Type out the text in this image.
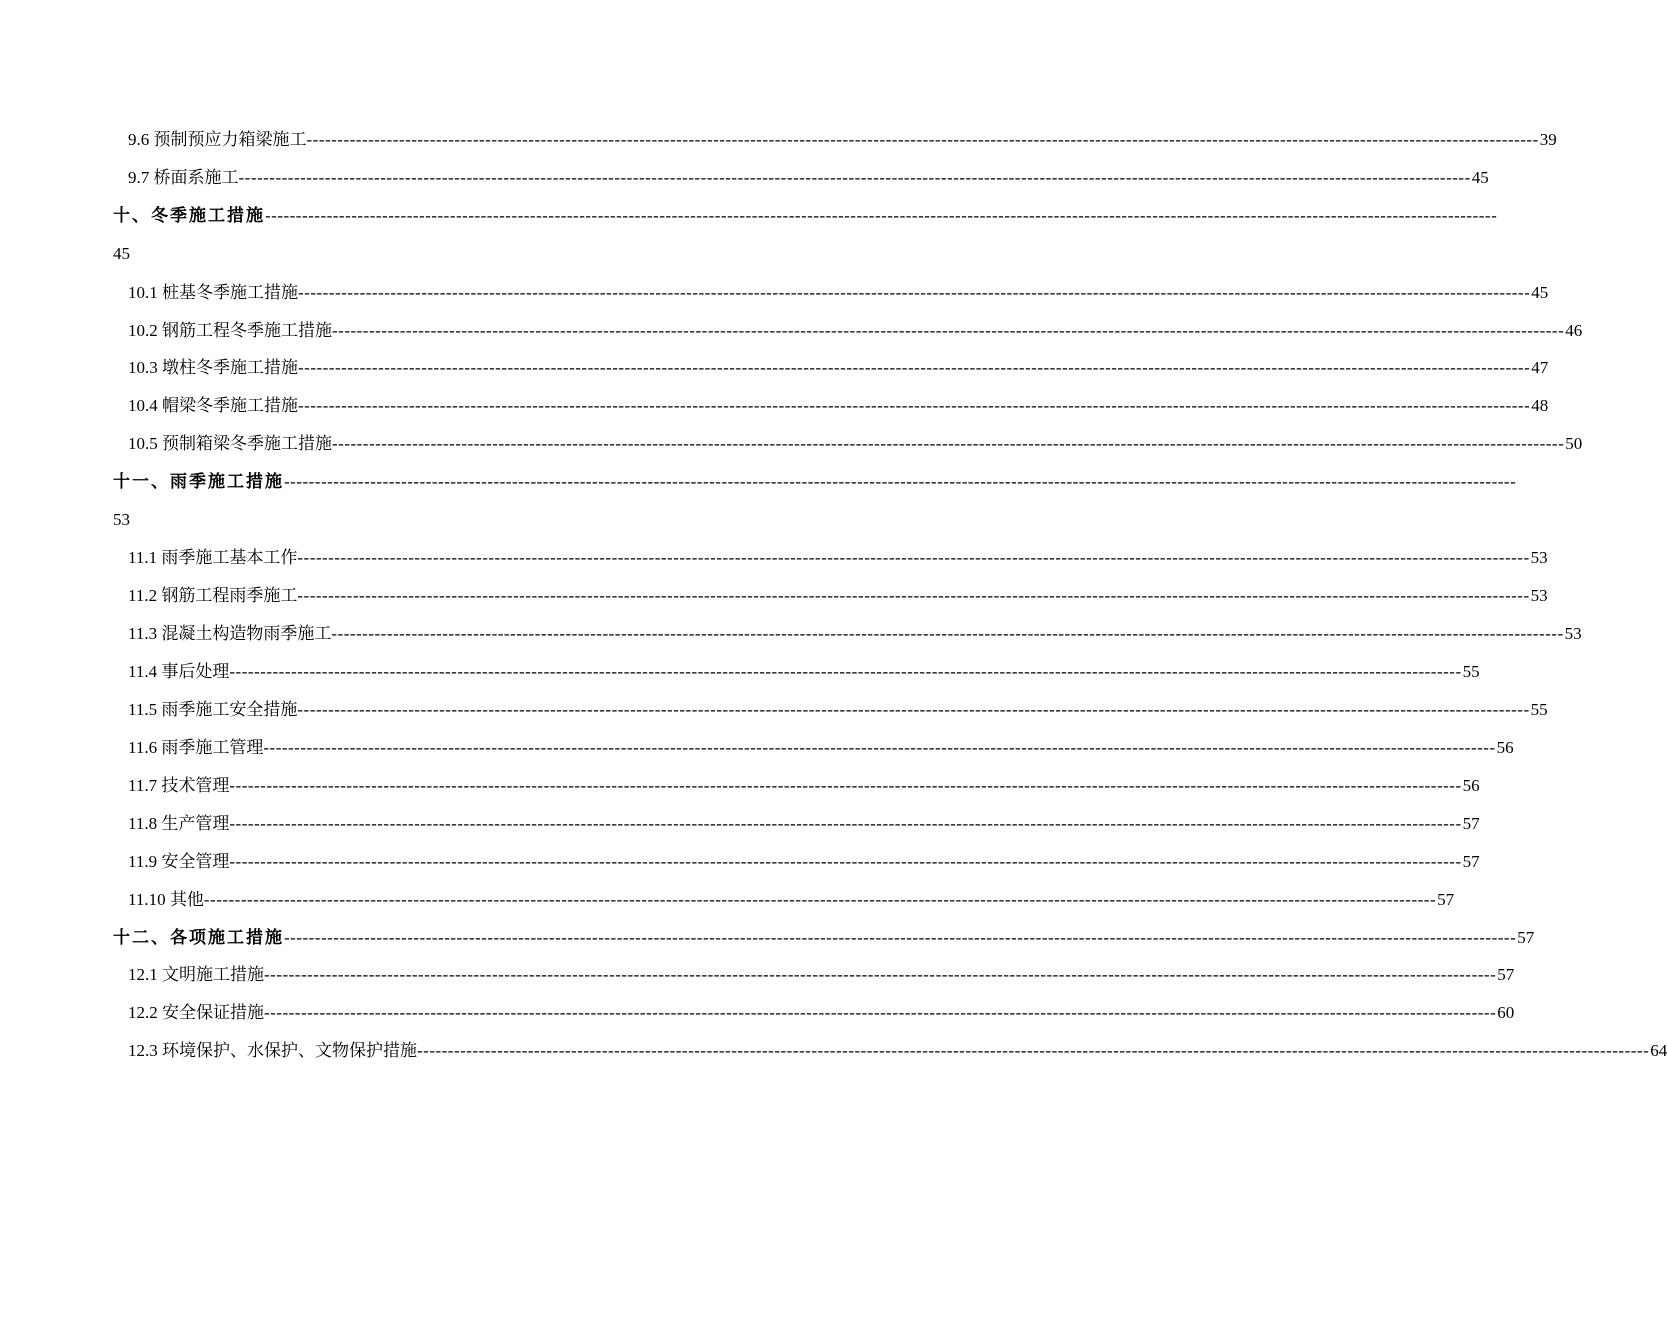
9.6 预制预应力箱梁施工 -------------------------------------------------------------------------------------------------------------------------------------------------------------------------------------------------------- 39
9.7 桥面系施工 -------------------------------------------------------------------------------------------------------------------------------------------------------------------------------------------------------- 45
十、冬季施工措施 --------------------------------------------------------------------------------------------------------------------------------------------------------------------------------------------------------
45
10.1 桩基冬季施工措施 -------------------------------------------------------------------------------------------------------------------------------------------------------------------------------------------------------- 45
10.2 钢筋工程冬季施工措施 -------------------------------------------------------------------------------------------------------------------------------------------------------------------------------------------------------- 46
10.3 墩柱冬季施工措施 -------------------------------------------------------------------------------------------------------------------------------------------------------------------------------------------------------- 47
10.4 帽梁冬季施工措施 -------------------------------------------------------------------------------------------------------------------------------------------------------------------------------------------------------- 48
10.5 预制箱梁冬季施工措施 -------------------------------------------------------------------------------------------------------------------------------------------------------------------------------------------------------- 50
十一、雨季施工措施 --------------------------------------------------------------------------------------------------------------------------------------------------------------------------------------------------------
53
11.1 雨季施工基本工作 -------------------------------------------------------------------------------------------------------------------------------------------------------------------------------------------------------- 53
11.2 钢筋工程雨季施工 -------------------------------------------------------------------------------------------------------------------------------------------------------------------------------------------------------- 53
11.3 混凝土构造物雨季施工 -------------------------------------------------------------------------------------------------------------------------------------------------------------------------------------------------------- 53
11.4 事后处理 -------------------------------------------------------------------------------------------------------------------------------------------------------------------------------------------------------- 55
11.5 雨季施工安全措施 -------------------------------------------------------------------------------------------------------------------------------------------------------------------------------------------------------- 55
11.6 雨季施工管理 -------------------------------------------------------------------------------------------------------------------------------------------------------------------------------------------------------- 56
11.7 技术管理 -------------------------------------------------------------------------------------------------------------------------------------------------------------------------------------------------------- 56
11.8 生产管理 -------------------------------------------------------------------------------------------------------------------------------------------------------------------------------------------------------- 57
11.9 安全管理 -------------------------------------------------------------------------------------------------------------------------------------------------------------------------------------------------------- 57
11.10 其他 -------------------------------------------------------------------------------------------------------------------------------------------------------------------------------------------------------- 57
十二、各项施工措施 -------------------------------------------------------------------------------------------------------------------------------------------------------------------------------------------------------- 57
12.1 文明施工措施 -------------------------------------------------------------------------------------------------------------------------------------------------------------------------------------------------------- 57
12.2 安全保证措施 -------------------------------------------------------------------------------------------------------------------------------------------------------------------------------------------------------- 60
12.3 环境保护、水保护、文物保护措施 -------------------------------------------------------------------------------------------------------------------------------------------------------------------------------------------------------- 64
